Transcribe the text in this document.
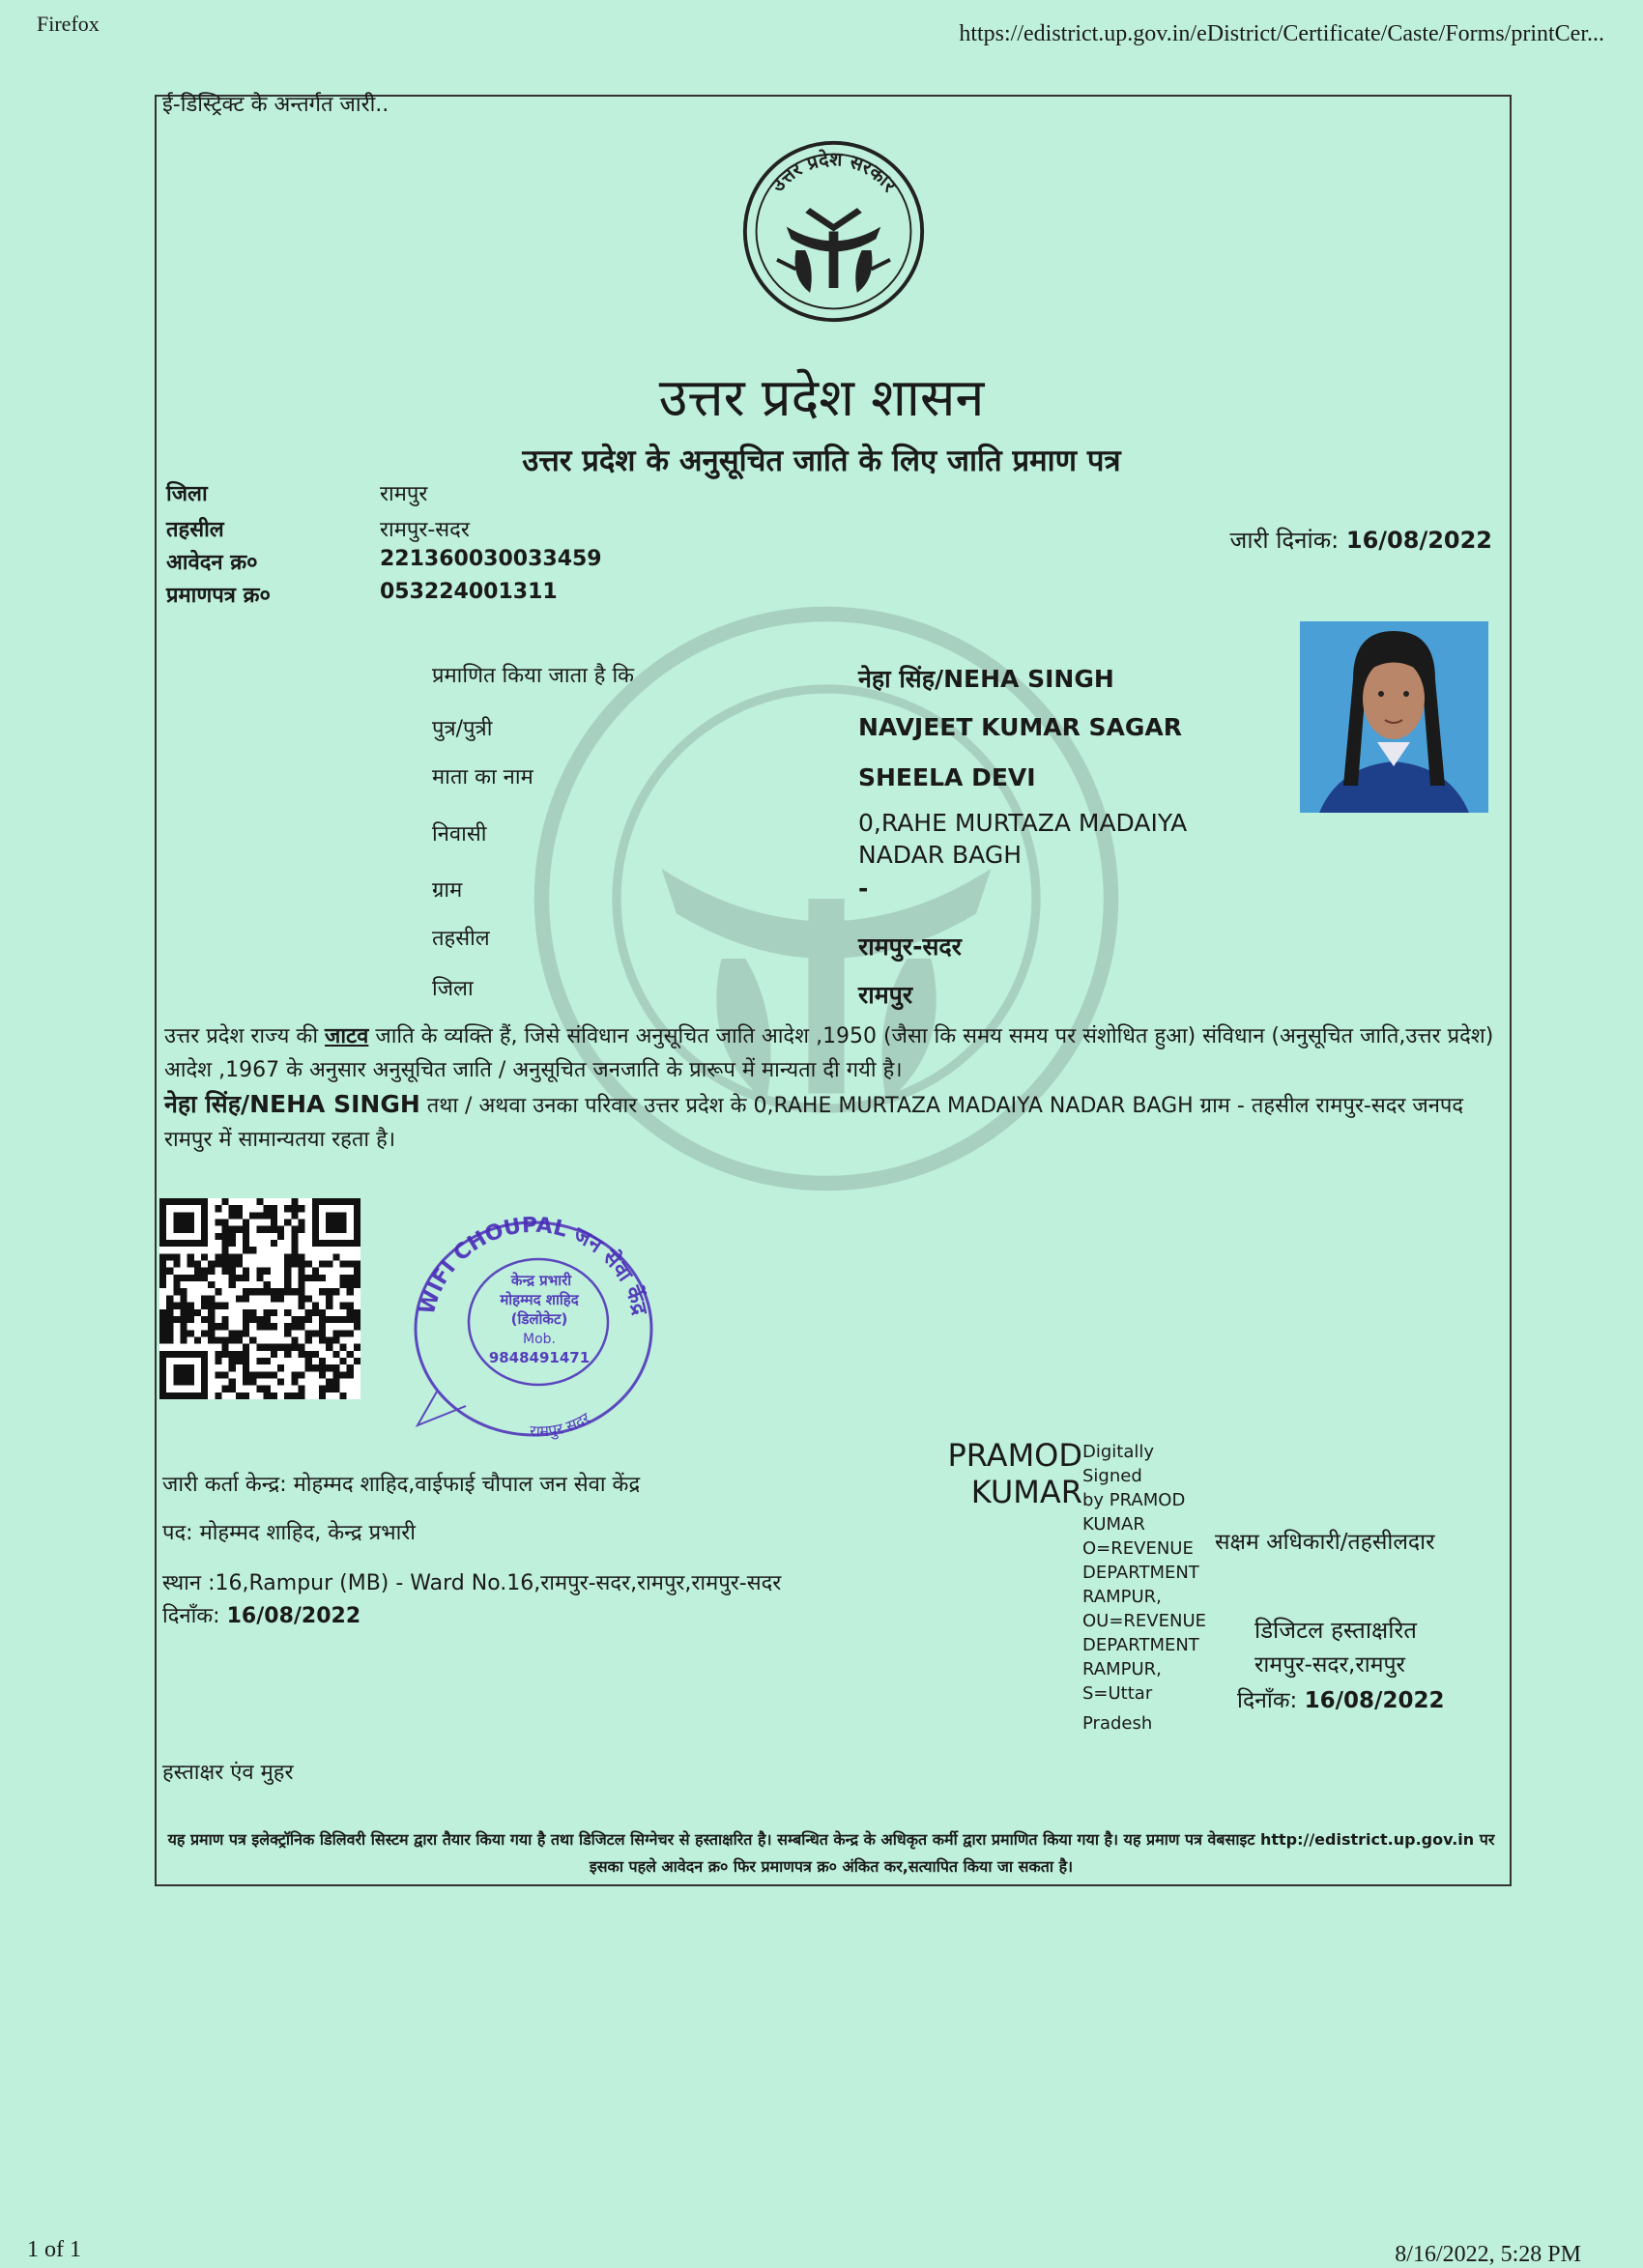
Firefox	https://edistrict.up.gov.in/eDistrict/Certificate/Caste/Forms/printCer...
1 of 1	8/16/2022, 5:28 PM
ई-डिस्ट्रिक्ट के अन्तर्गत जारी..
उत्तर प्रदेश सरकार
उत्तर प्रदेश शासन
उत्तर प्रदेश के अनुसूचित जाति के लिए जाति प्रमाण पत्र
जिला	रामपुर
तहसील	रामपुर-सदर
आवेदन क्र०	221360030033459
प्रमाणपत्र क्र०	053224001311
जारी दिनांक: 16/08/2022
प्रमाणित किया जाता है कि	नेहा सिंह/NEHA SINGH
पुत्र/पुत्री	NAVJEET KUMAR SAGAR
माता का नाम	SHEELA DEVI
निवासी	0,RAHE MURTAZA MADAIYA
NADAR BAGH
ग्राम	-
तहसील	रामपुर-सदर
जिला	रामपुर
उत्तर प्रदेश राज्य की जाटव जाति के व्यक्ति हैं, जिसे संविधान अनुसूचित जाति आदेश ,1950 (जैसा कि समय समय पर संशोधित हुआ) संविधान (अनुसूचित जाति,उत्तर प्रदेश) आदेश ,1967 के अनुसार अनुसूचित जाति / अनुसूचित जनजाति के प्रारूप में मान्यता दी गयी है।
नेहा सिंह/NEHA SINGH तथा / अथवा उनका परिवार उत्तर प्रदेश के 0,RAHE MURTAZA MADAIYA NADAR BAGH ग्राम - तहसील रामपुर-सदर जनपद रामपुर में सामान्यतया रहता है।
WIFI CHOUPAL जन सेवा केंद्र
रामपुर सदर
केन्द्र प्रभारी
मोहम्मद शाहिद
(डिलोकेट)
Mob.
9848491471
जारी कर्ता केन्द्र: मोहम्मद शाहिद,वाईफाई चौपाल जन सेवा केंद्र
पद: मोहम्मद शाहिद, केन्द्र प्रभारी
स्थान :16,Rampur (MB) - Ward No.16,रामपुर-सदर,रामपुर,रामपुर-सदर
दिनाँक: 16/08/2022
PRAMOD
KUMAR
Digitally Signed
by PRAMOD
KUMAR
O=REVENUE
DEPARTMENT
RAMPUR,
OU=REVENUE
DEPARTMENT
RAMPUR,
S=Uttar
Pradesh
सक्षम अधिकारी/तहसीलदार
डिजिटल हस्ताक्षरित
रामपुर-सदर,रामपुर
दिनाँक: 16/08/2022
हस्ताक्षर एंव मुहर
यह प्रमाण पत्र इलेक्ट्रॉनिक डिलिवरी सिस्टम द्वारा तैयार किया गया है तथा डिजिटल सिग्नेचर से हस्ताक्षरित है। सम्बन्धित केन्द्र के अधिकृत कर्मी द्वारा प्रमाणित किया गया है। यह प्रमाण पत्र वेबसाइट http://edistrict.up.gov.in पर इसका पहले आवेदन क्र० फिर प्रमाणपत्र क्र० अंकित कर,सत्यापित किया जा सकता है।
